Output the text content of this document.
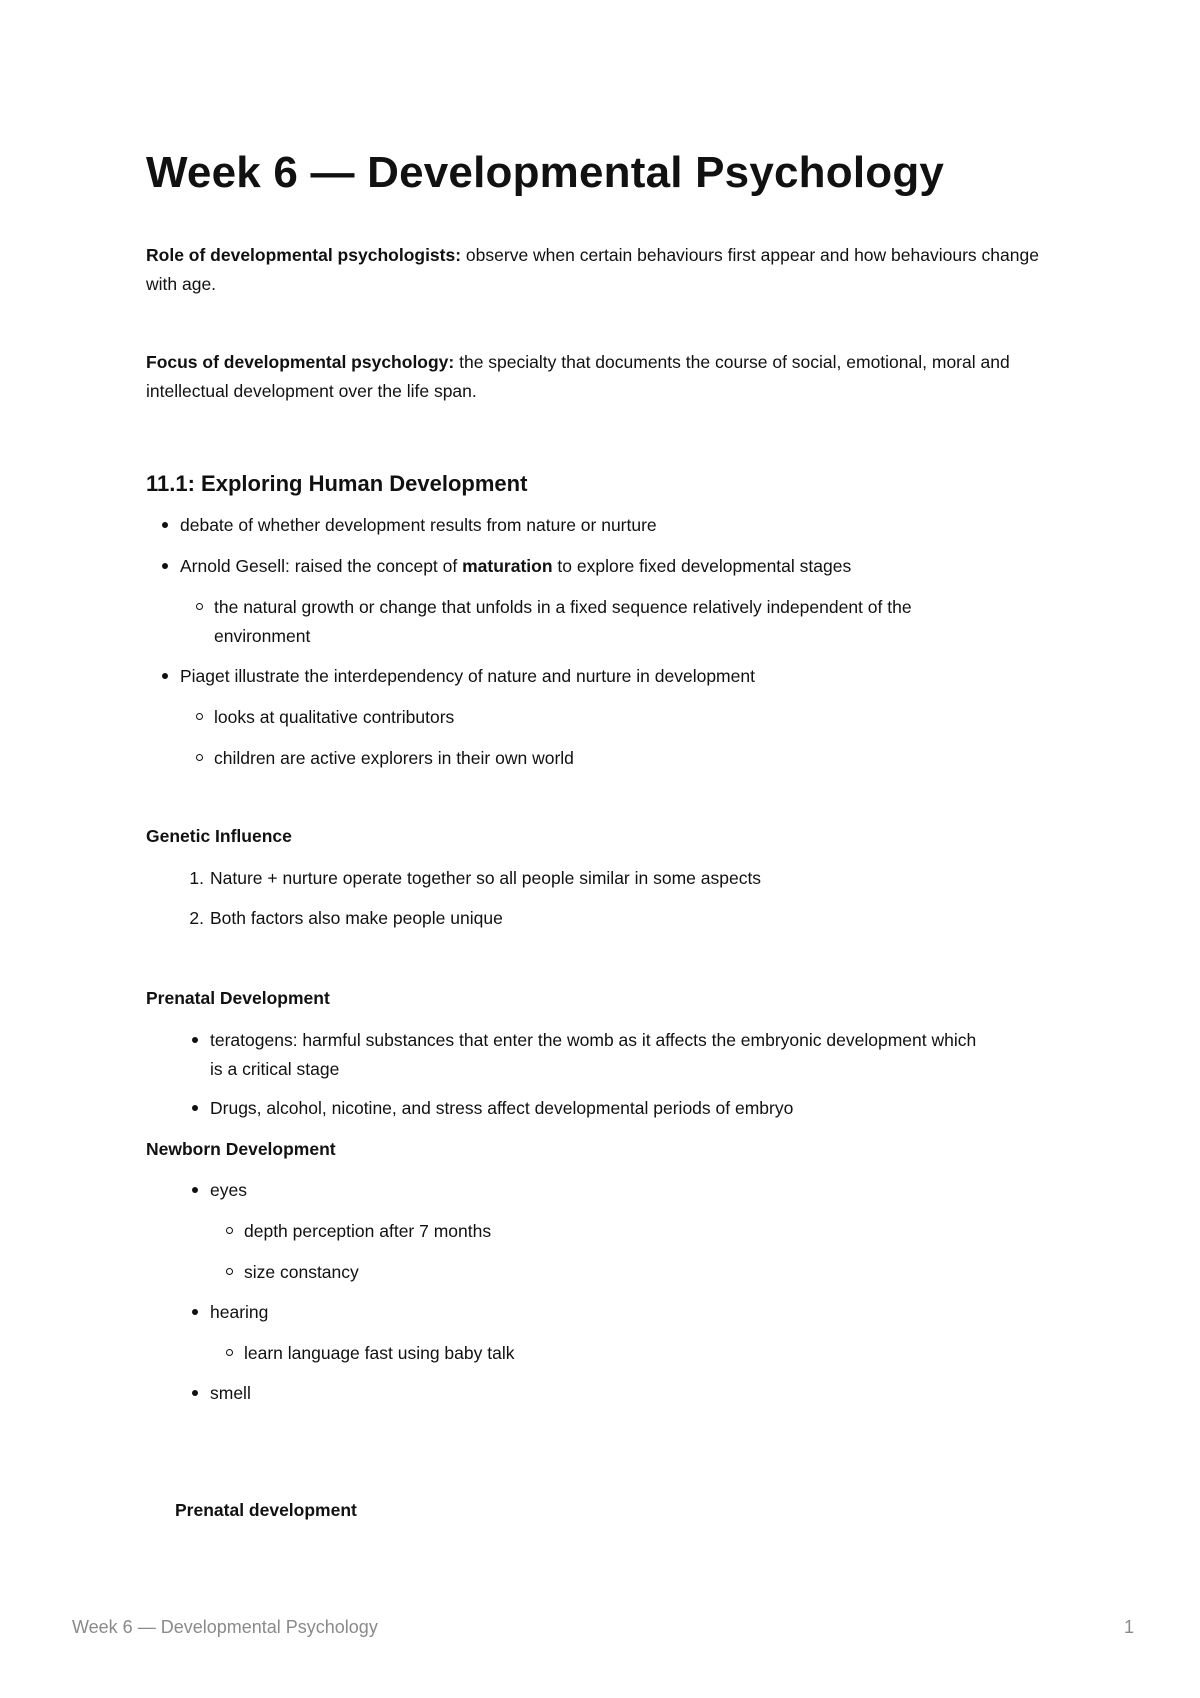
Week 6 — Developmental Psychology

Role of developmental psychologists: observe when certain behaviours first appear and how behaviours change with age.

Focus of developmental psychology: the specialty that documents the course of social, emotional, moral and intellectual development over the life span.

11.1: Exploring Human Development
debate of whether development results from nature or nurture
Arnold Gesell: raised the concept of maturation to explore fixed developmental stages
the natural growth or change that unfolds in a fixed sequence relatively independent of the environment
Piaget illustrate the interdependency of nature and nurture in development
looks at qualitative contributors
children are active explorers in their own world
Genetic Influence
1. Nature + nurture operate together so all people similar in some aspects
2. Both factors also make people unique
Prenatal Development
teratogens: harmful substances that enter the womb as it affects the embryonic development which is a critical stage
Drugs, alcohol, nicotine, and stress affect developmental periods of embryo
Newborn Development
eyes
depth perception after 7 months
size constancy
hearing
learn language fast using baby talk
smell
Prenatal development
Week 6 — Developmental Psychology	1
